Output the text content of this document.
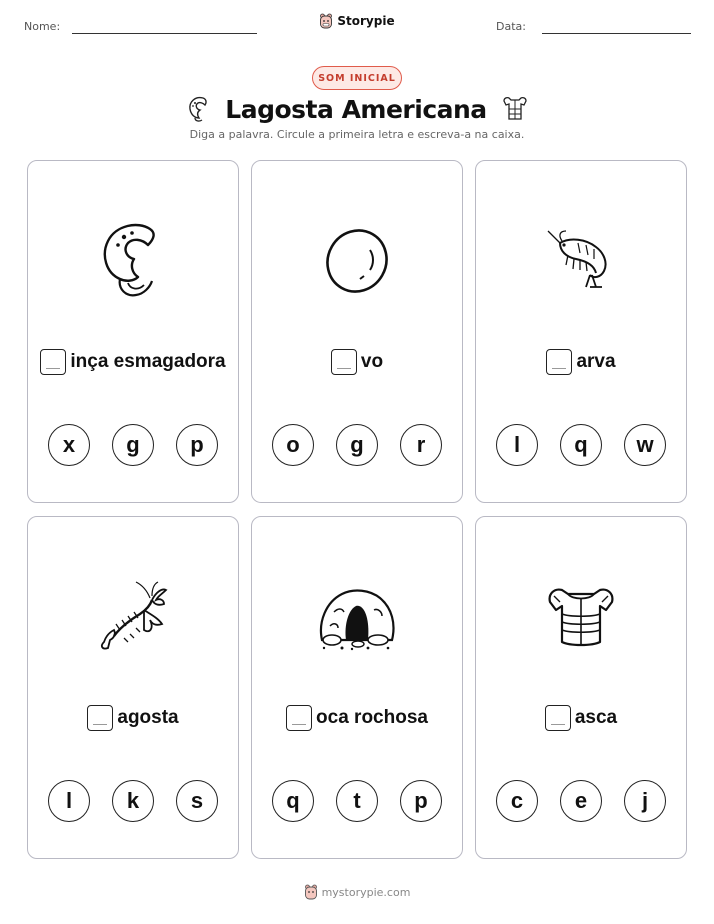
Nome:	Data:
Storypie
SOM INICIAL
Lagosta Americana
Diga a palavra. Circule a primeira letra e escreva-a na caixa.
inça esmagadora
x	g	p
vo
o	g	r
arva
l	q	w
agosta
l	k	s
oca rochosa
q	t	p
asca
c	e	j
mystorypie.com
